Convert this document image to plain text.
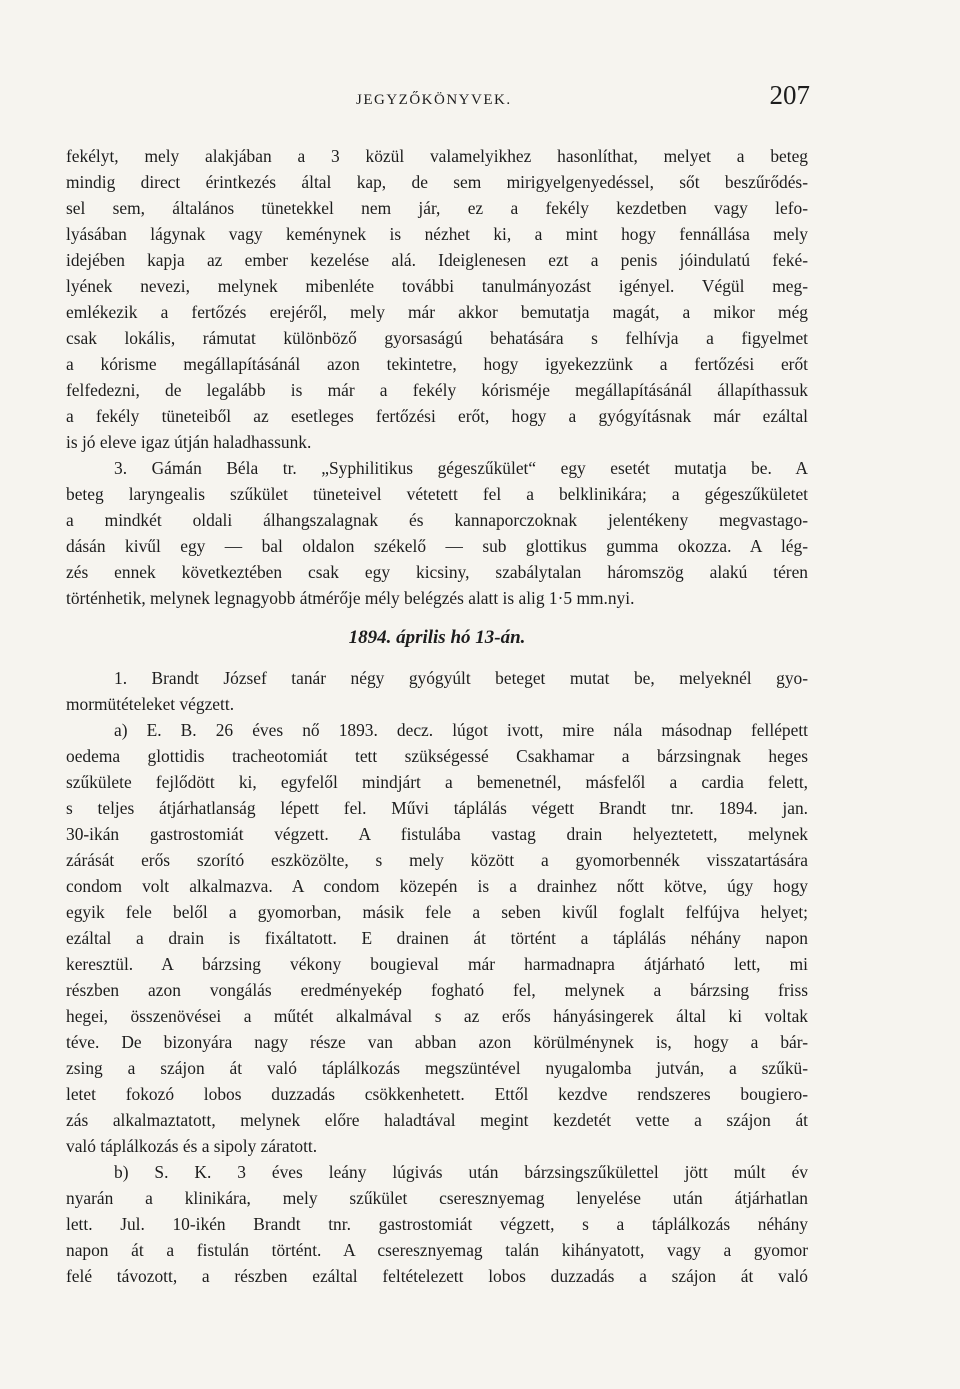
JEGYZŐKÖNYVEK.	207
fekélyt, mely alakjában a 3 közül valamelyikhez hasonlíthat, melyet a beteg
mindig direct érintkezés által kap, de sem mirigyelgenyedéssel, sőt beszűrődés-
sel sem, általános tünetekkel nem jár, ez a fekély kezdetben vagy lefo-
lyásában lágynak vagy keménynek is nézhet ki, a mint hogy fennállása mely
idejében kapja az ember kezelése alá. Ideiglenesen ezt a penis jóindulatú feké-
lyének nevezi, melynek mibenléte további tanulmányozást igényel. Végül meg-
emlékezik a fertőzés erejéről, mely már akkor bemutatja magát, a mikor még
csak lokális, rámutat különböző gyorsaságú behatására s felhívja a figyelmet
a kórisme megállapításánál azon tekintetre, hogy igyekezzünk a fertőzési erőt
felfedezni, de legalább is már a fekély kórisméje megállapításánál állapíthassuk
a fekély tüneteiből az esetleges fertőzési erőt, hogy a gyógyításnak már ezáltal
is jó eleve igaz útján haladhassunk.
3. Gámán Béla tr. „Syphilitikus gégeszűkület“ egy esetét mutatja be. A
beteg laryngealis szűkület tüneteivel vétetett fel a belklinikára; a gégeszűkületet
a mindkét oldali álhangszalagnak és kannaporczoknak jelentékeny megvastago-
dásán kivűl egy — bal oldalon székelő — sub glottikus gumma okozza. A lég-
zés ennek következtében csak egy kicsiny, szabálytalan háromszög alakú téren
történhetik, melynek legnagyobb átmérője mély belégzés alatt is alig 1·5 mm.nyi.
1894. április hó 13-án.
1. Brandt József tanár négy gyógyúlt beteget mutat be, melyeknél gyo-
mormütételeket végzett.
a) E. B. 26 éves nő 1893. decz. lúgot ivott, mire nála másodnap fellépett
oedema glottidis tracheotomiát tett szükségessé Csakhamar a bárzsingnak heges
szűkülete fejlődött ki, egyfelől mindjárt a bemenetnél, másfelől a cardia felett,
s teljes átjárhatlanság lépett fel. Művi táplálás végett Brandt tnr. 1894. jan.
30-ikán gastrostomiát végzett. A fistulába vastag drain helyeztetett, melynek
zárását erős szorító eszközölte, s mely között a gyomorbennék visszatartására
condom volt alkalmazva. A condom közepén is a drainhez nőtt kötve, úgy hogy
egyik fele belől a gyomorban, másik fele a seben kivűl foglalt felfújva helyet;
ezáltal a drain is fixáltatott. E drainen át történt a táplálás néhány napon
keresztül. A bárzsing vékony bougieval már harmadnapra átjárható lett, mi
részben azon vongálás eredményekép fogható fel, melynek a bárzsing friss
hegei, összenövései a műtét alkalmával s az erős hányásingerek által ki voltak
téve. De bizonyára nagy része van abban azon körülménynek is, hogy a bár-
zsing a szájon át való táplálkozás megszüntével nyugalomba jutván, a szűkü-
letet fokozó lobos duzzadás csökkenhetett. Ettől kezdve rendszeres bougiero-
zás alkalmaztatott, melynek előre haladtával megint kezdetét vette a szájon át
való táplálkozás és a sipoly záratott.
b) S. K. 3 éves leány lúgivás után bárzsingszűkülettel jött múlt év
nyarán a klinikára, mely szűkület cseresznyemag lenyelése után átjárhatlan
lett. Jul. 10-ikén Brandt tnr. gastrostomiát végzett, s a táplálkozás néhány
napon át a fistulán történt. A cseresznyemag talán kihányatott, vagy a gyomor
felé távozott, a részben ezáltal feltételezett lobos duzzadás a szájon át való
